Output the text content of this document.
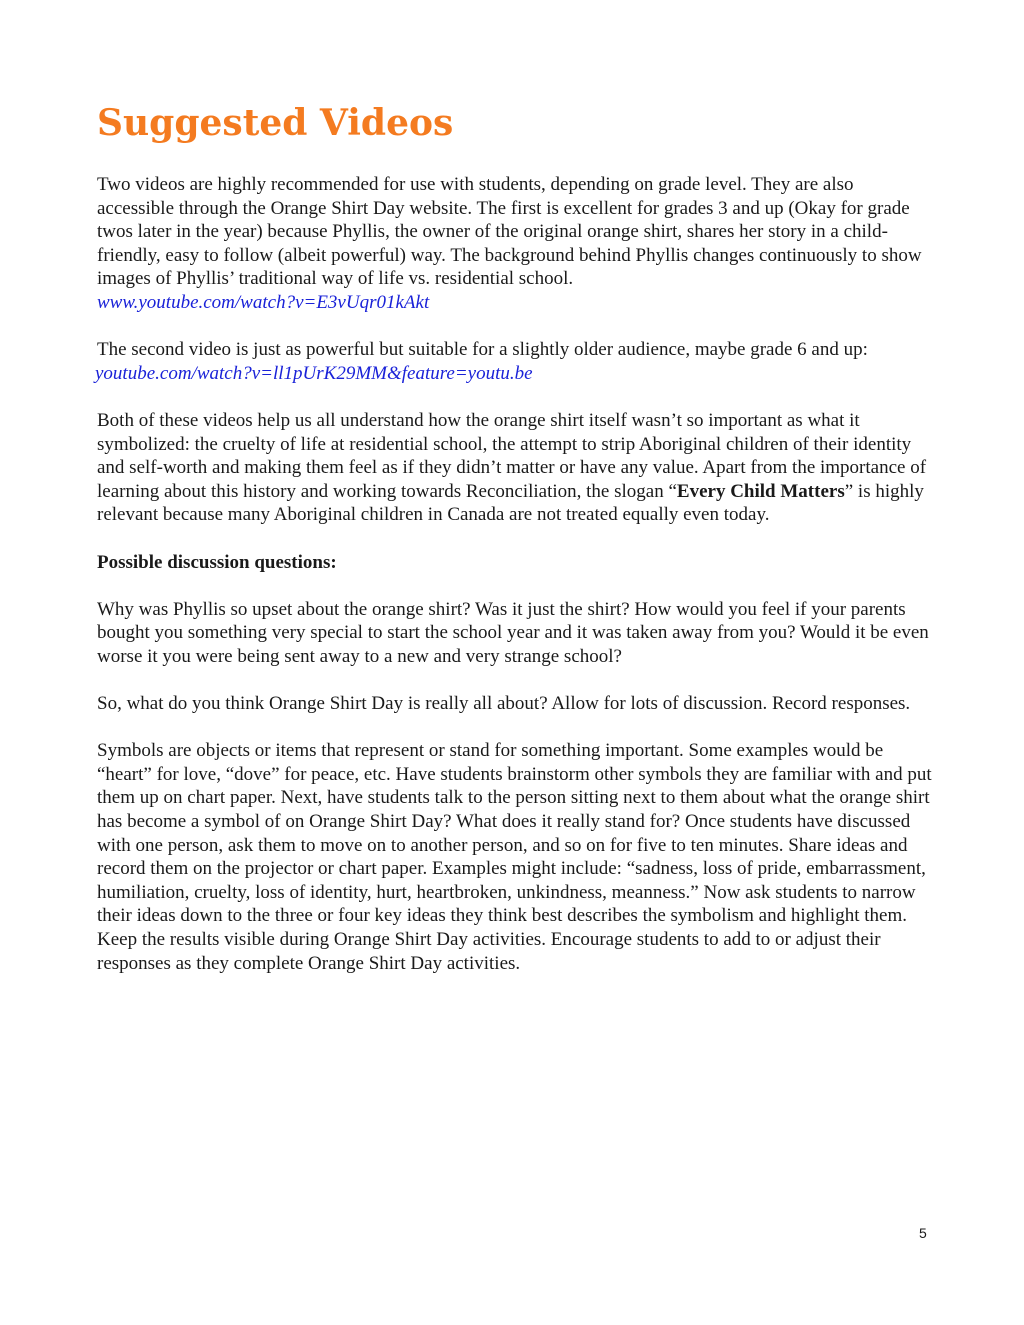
Suggested Videos

Two videos are highly recommended for use with students, depending on grade level. They are also accessible through the Orange Shirt Day website. The first is excellent for grades 3 and up (Okay for grade twos later in the year) because Phyllis, the owner of the original orange shirt, shares her story in a child-friendly, easy to follow (albeit powerful) way. The background behind Phyllis changes continuously to show images of Phyllis’ traditional way of life vs. residential school.
www.youtube.com/watch?v=E3vUqr01kAkt

The second video is just as powerful but suitable for a slightly older audience, maybe grade 6 and up:
youtube.com/watch?v=ll1pUrK29MM&feature=youtu.be

Both of these videos help us all understand how the orange shirt itself wasn’t so important as what it symbolized: the cruelty of life at residential school, the attempt to strip Aboriginal children of their identity and self-worth and making them feel as if they didn’t matter or have any value. Apart from the importance of learning about this history and working towards Reconciliation, the slogan “Every Child Matters” is highly relevant because many Aboriginal children in Canada are not treated equally even today.

Possible discussion questions:

Why was Phyllis so upset about the orange shirt? Was it just the shirt? How would you feel if your parents bought you something very special to start the school year and it was taken away from you? Would it be even worse it you were being sent away to a new and very strange school?

So, what do you think Orange Shirt Day is really all about? Allow for lots of discussion. Record responses.

Symbols are objects or items that represent or stand for something important. Some examples would be “heart” for love, “dove” for peace, etc. Have students brainstorm other symbols they are familiar with and put them up on chart paper. Next, have students talk to the person sitting next to them about what the orange shirt has become a symbol of on Orange Shirt Day? What does it really stand for? Once students have discussed with one person, ask them to move on to another person, and so on for five to ten minutes. Share ideas and record them on the projector or chart paper. Examples might include: “sadness, loss of pride, embarrassment, humiliation, cruelty, loss of identity, hurt, heartbroken, unkindness, meanness.” Now ask students to narrow their ideas down to the three or four key ideas they think best describes the symbolism and highlight them. Keep the results visible during Orange Shirt Day activities. Encourage students to add to or adjust their responses as they complete Orange Shirt Day activities.

5
